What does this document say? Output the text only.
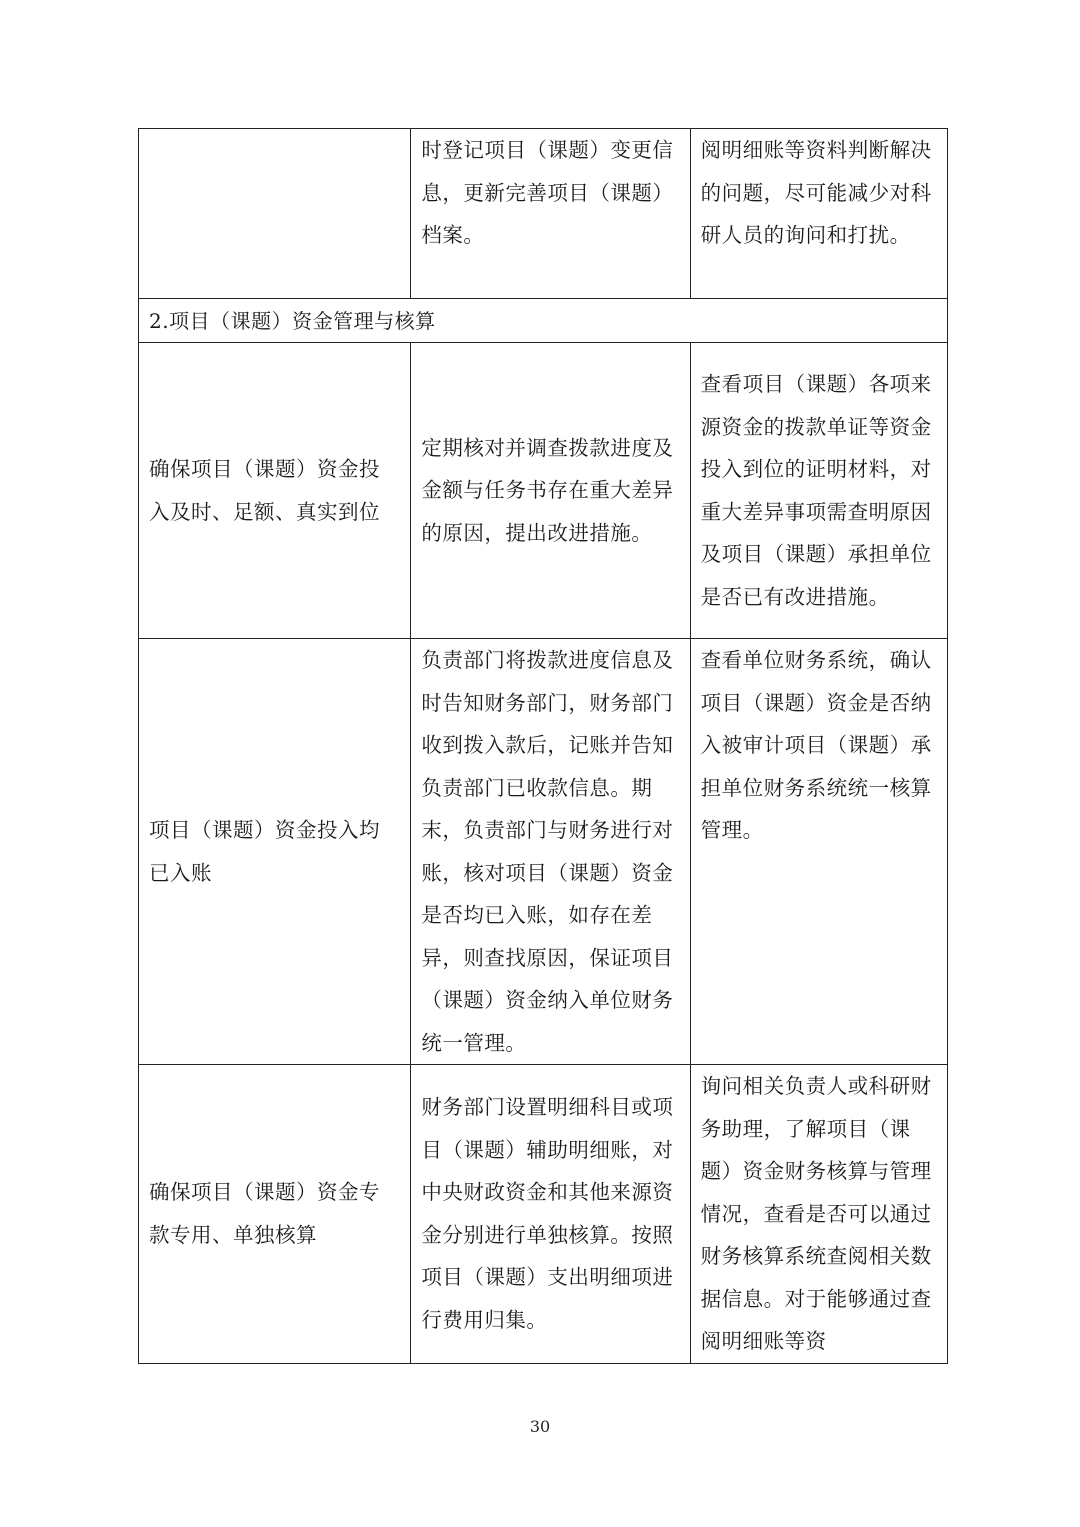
	时登记项目（课题）变更信息，更新完善项目（课题）档案。	阅明细账等资料判断解决的问题，尽可能减少对科研人员的询问和打扰。
2.项目（课题）资金管理与核算		
确保项目（课题）资金投入及时、足额、真实到位	定期核对并调查拨款进度及金额与任务书存在重大差异的原因，提出改进措施。	查看项目（课题）各项来源资金的拨款单证等资金投入到位的证明材料，对重大差异事项需查明原因及项目（课题）承担单位是否已有改进措施。
项目（课题）资金投入均已入账	负责部门将拨款进度信息及时告知财务部门，财务部门收到拨入款后，记账并告知负责部门已收款信息。期末，负责部门与财务进行对账，核对项目（课题）资金是否均已入账，如存在差异，则查找原因，保证项目（课题）资金纳入单位财务统一管理。	查看单位财务系统，确认项目（课题）资金是否纳入被审计项目（课题）承担单位财务系统统一核算管理。
确保项目（课题）资金专款专用、单独核算	财务部门设置明细科目或项目（课题）辅助明细账，对中央财政资金和其他来源资金分别进行单独核算。按照项目（课题）支出明细项进行费用归集。	询问相关负责人或科研财务助理，了解项目（课题）资金财务核算与管理情况，查看是否可以通过财务核算系统查阅相关数据信息。对于能够通过查阅明细账等资
30
